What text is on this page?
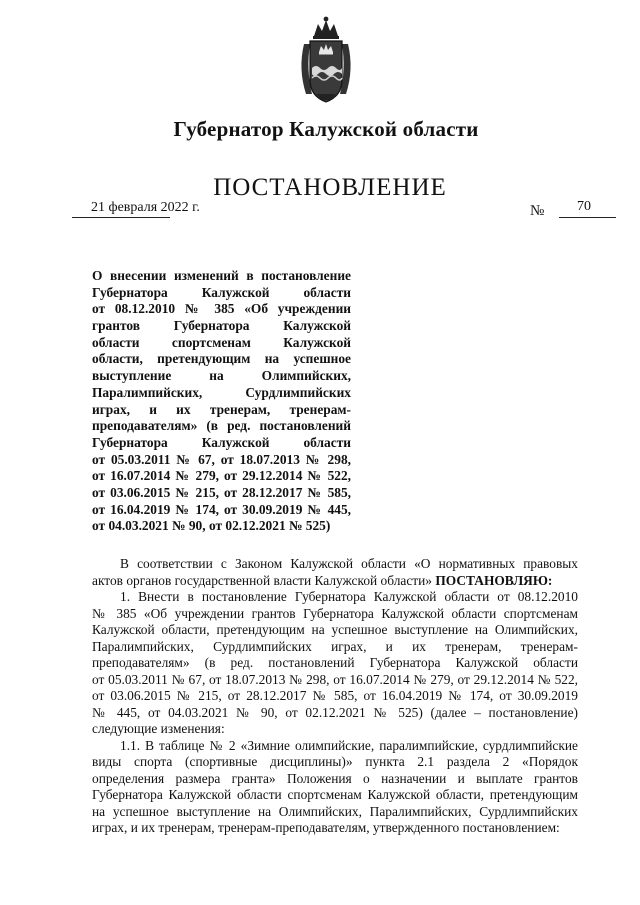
Губернатор Калужской области
ПОСТАНОВЛЕНИЕ
21 февраля 2022 г.	№ 70
О внесении изменений в постановление
Губернатора Калужской области
от 08.12.2010 № 385 «Об учреждении
грантов Губернатора Калужской
области спортсменам Калужской
области, претендующим на успешное
выступление на Олимпийских,
Паралимпийских, Сурдлимпийских
играх, и их тренерам, тренерам-
преподавателям» (в ред. постановлений
Губернатора Калужской области
от 05.03.2011 № 67, от 18.07.2013 № 298,
от 16.07.2014 № 279, от 29.12.2014 № 522,
от 03.06.2015 № 215, от 28.12.2017 № 585,
от 16.04.2019 № 174, от 30.09.2019 № 445,
от 04.03.2021 № 90, от 02.12.2021 № 525)
В соответствии с Законом Калужской области «О нормативных правовых
актов органов государственной власти Калужской области» ПОСТАНОВЛЯЮ:
1. Внести в постановление Губернатора Калужской области от 08.12.2010
№ 385 «Об учреждении грантов Губернатора Калужской области спортсменам
Калужской области, претендующим на успешное выступление на Олимпийских,
Паралимпийских, Сурдлимпийских играх, и их тренерам, тренерам-
преподавателям» (в ред. постановлений Губернатора Калужской области
от 05.03.2011 № 67, от 18.07.2013 № 298, от 16.07.2014 № 279, от 29.12.2014 № 522,
от 03.06.2015 № 215, от 28.12.2017 № 585, от 16.04.2019 № 174, от 30.09.2019
№ 445, от 04.03.2021 № 90, от 02.12.2021 № 525) (далее – постановление)
следующие изменения:
1.1. В таблице № 2 «Зимние олимпийские, паралимпийские, сурдлимпийские
виды спорта (спортивные дисциплины)» пункта 2.1 раздела 2 «Порядок
определения размера гранта» Положения о назначении и выплате грантов
Губернатора Калужской области спортсменам Калужской области, претендующим
на успешное выступление на Олимпийских, Паралимпийских, Сурдлимпийских
играх, и их тренерам, тренерам-преподавателям, утвержденного постановлением:
